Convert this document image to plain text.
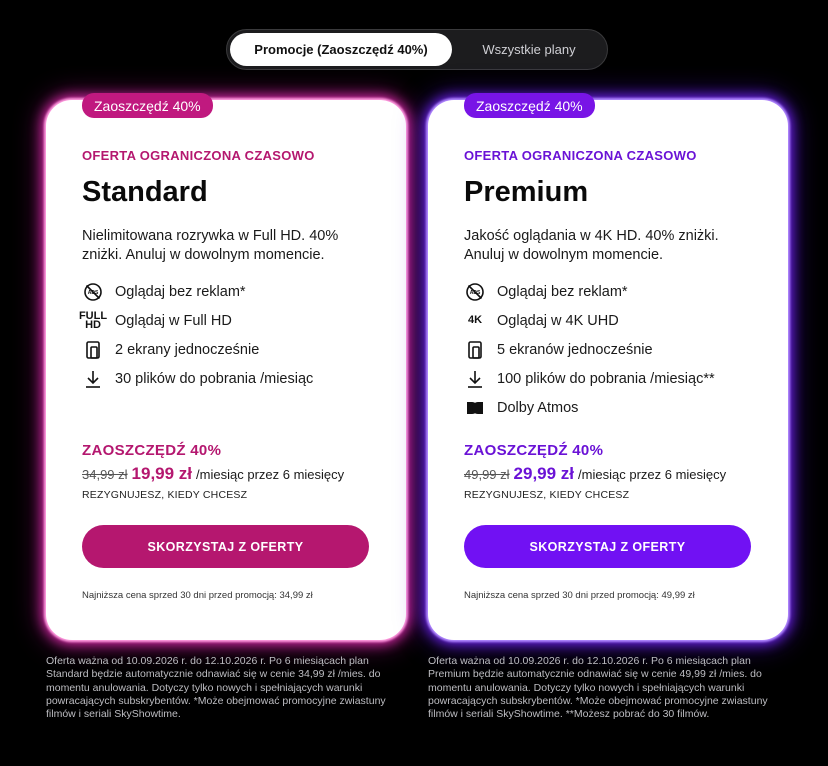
Promocje (Zaoszczędź 40%)	Wszystkie plany
Zaoszczędź 40%
OFERTA OGRANICZONA CZASOWO
Standard
Nielimitowana rozrywka w Full HD. 40% zniżki. Anuluj w dowolnym momencie.
ADS Oglądaj bez reklam*
FULL
HD Oglądaj w Full HD
2 ekrany jednocześnie
30 plików do pobrania /miesiąc
ZAOSZCZĘDŹ 40%
34,99 zł 19,99 zł /miesiąc przez 6 miesięcy
REZYGNUJESZ, KIEDY CHCESZ
SKORZYSTAJ Z OFERTY
Najniższa cena sprzed 30 dni przed promocją: 34,99 zł
Zaoszczędź 40%
OFERTA OGRANICZONA CZASOWO
Premium
Jakość oglądania w 4K HD. 40% zniżki. Anuluj w dowolnym momencie.
ADS Oglądaj bez reklam*
4K Oglądaj w 4K UHD
5 ekranów jednocześnie
100 plików do pobrania /miesiąc**
Dolby Atmos
ZAOSZCZĘDŹ 40%
49,99 zł 29,99 zł /miesiąc przez 6 miesięcy
REZYGNUJESZ, KIEDY CHCESZ
SKORZYSTAJ Z OFERTY
Najniższa cena sprzed 30 dni przed promocją: 49,99 zł
Oferta ważna od 10.09.2026 r. do 12.10.2026 r. Po 6 miesiącach plan Standard będzie automatycznie odnawiać się w cenie 34,99 zł /mies. do momentu anulowania. Dotyczy tylko nowych i spełniających warunki powracających subskrybentów. *Może obejmować promocyjne zwiastuny filmów i seriali SkyShowtime.
Oferta ważna od 10.09.2026 r. do 12.10.2026 r. Po 6 miesiącach plan Premium będzie automatycznie odnawiać się w cenie 49,99 zł /mies. do momentu anulowania. Dotyczy tylko nowych i spełniających warunki powracających subskrybentów. *Może obejmować promocyjne zwiastuny filmów i seriali SkyShowtime. **Możesz pobrać do 30 filmów.
